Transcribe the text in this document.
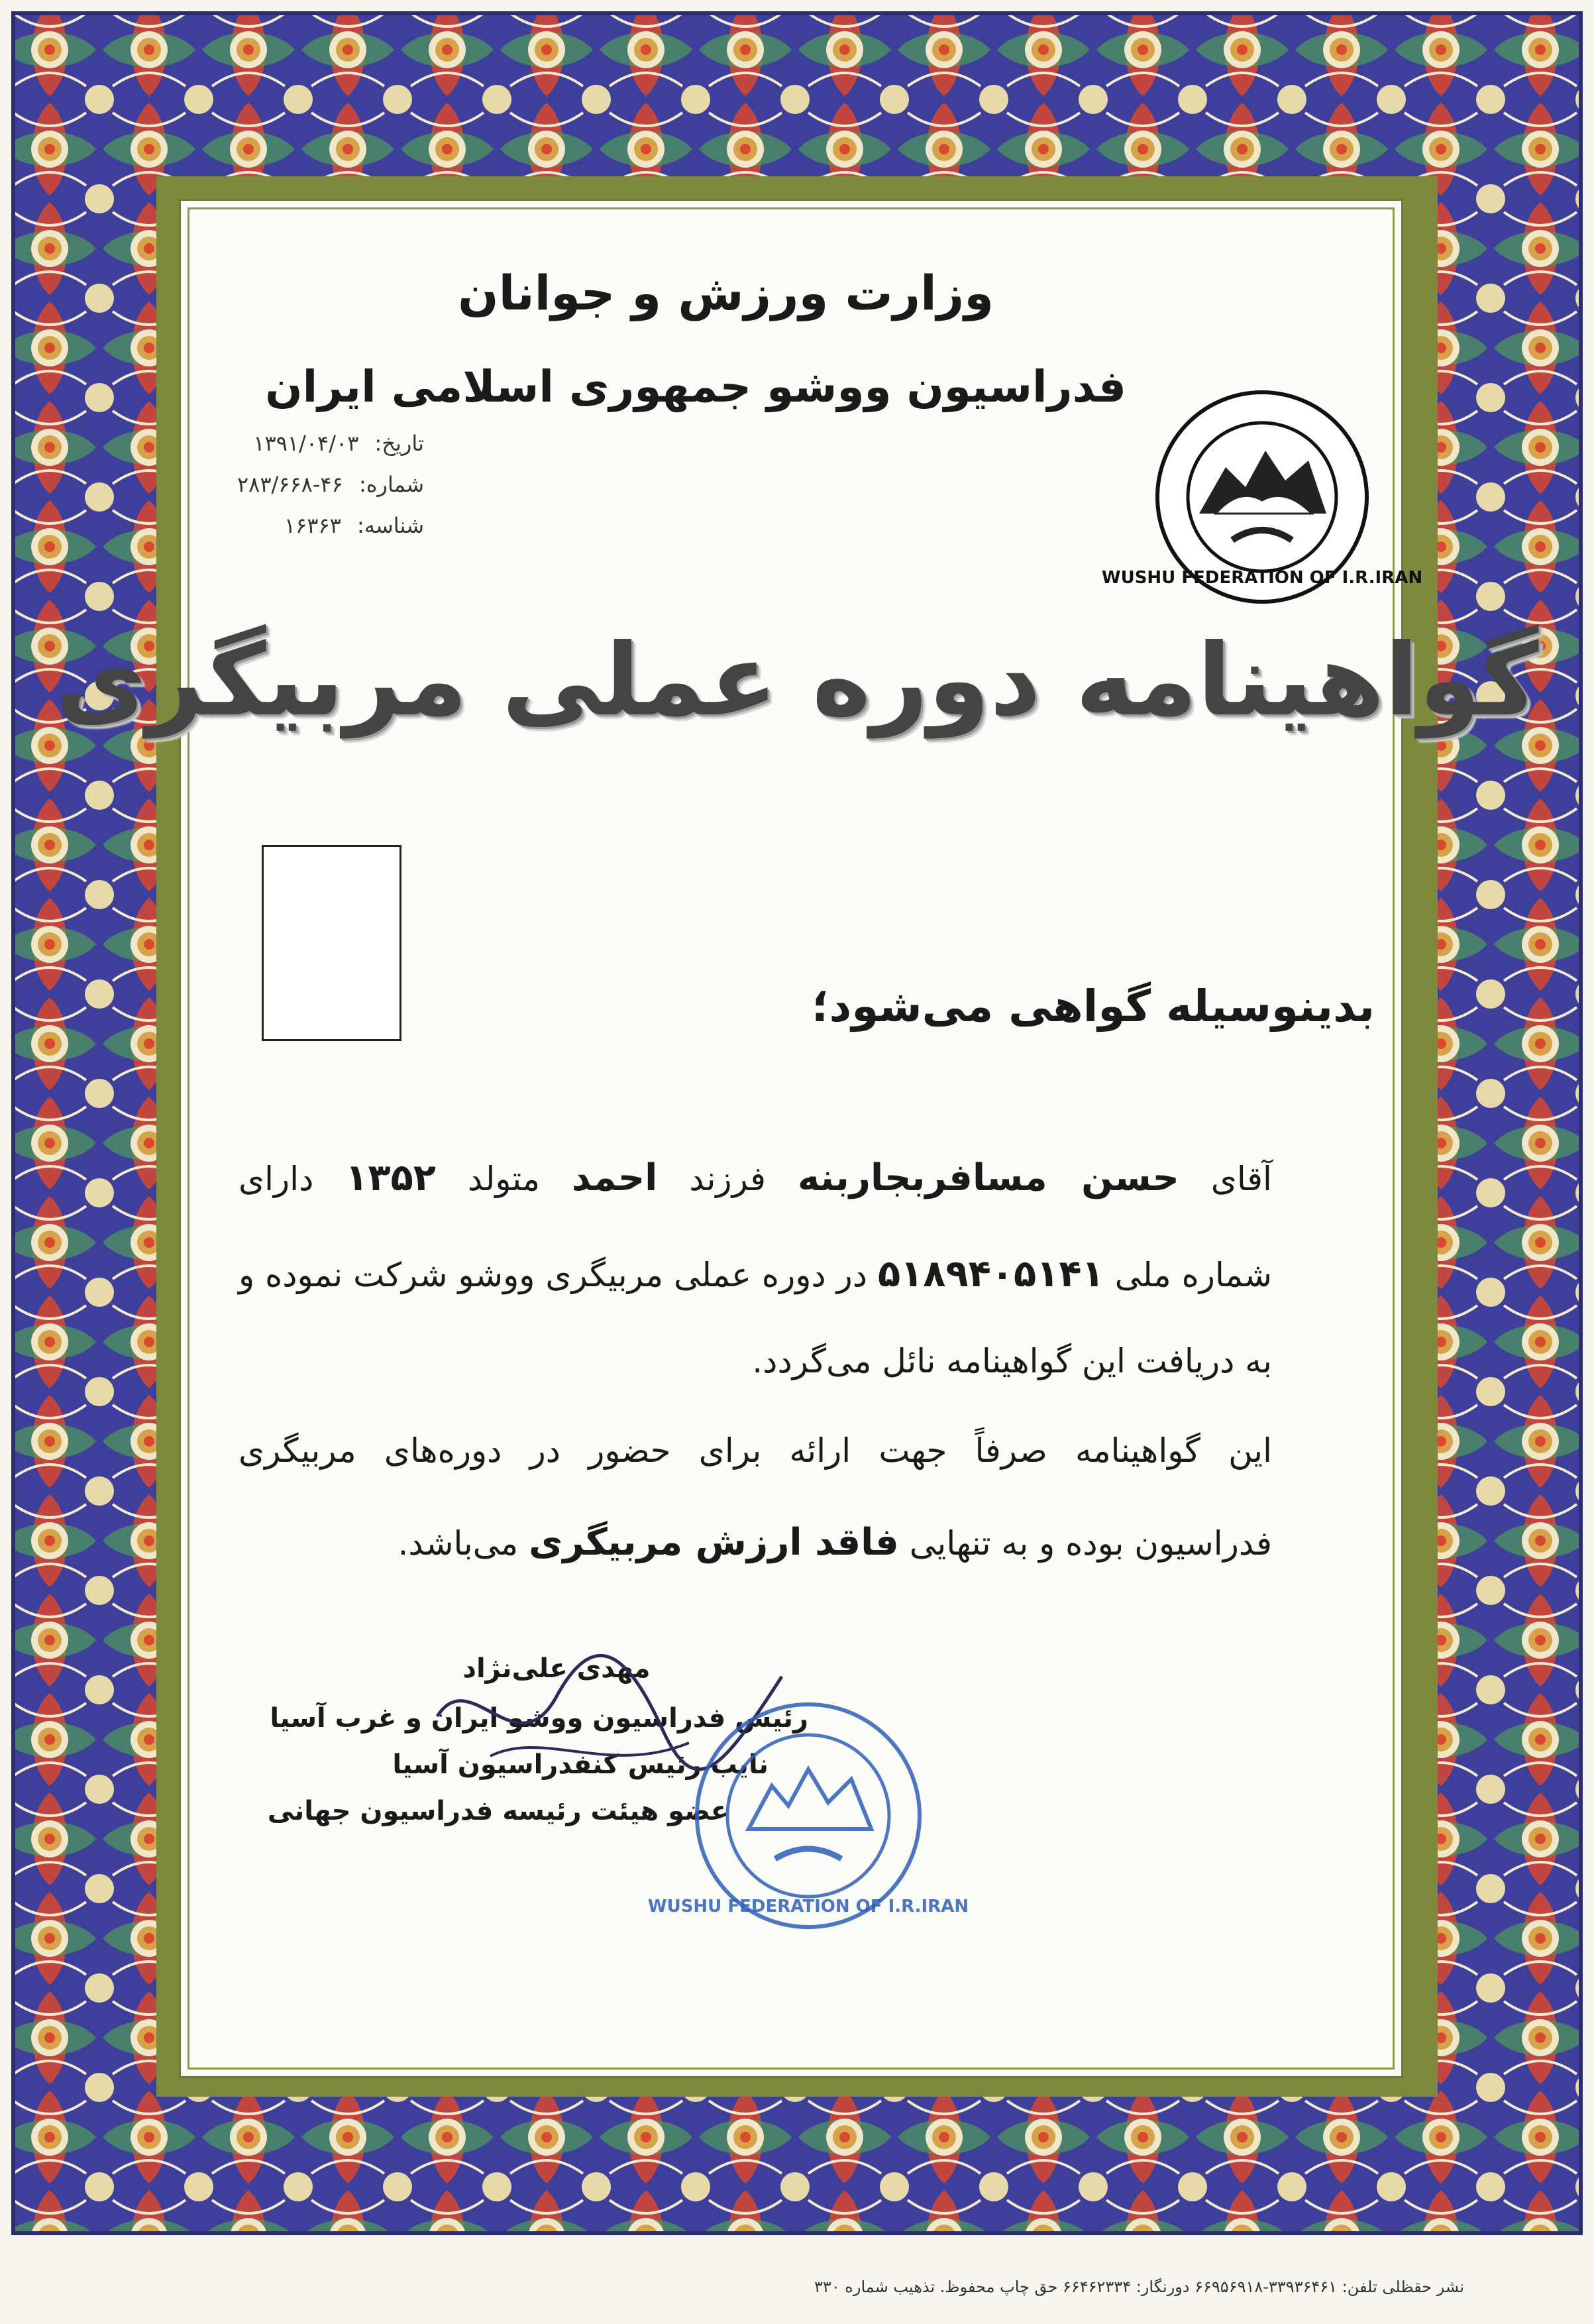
وزارت ورزش و جوانان
فدراسیون ووشو جمهوری اسلامی ایران
تاریخ: ۱۳۹۱/۰۴/۰۳
شماره: ۴۶-۲۸۳/۶۶۸
شناسه: ۱۶۳۶۳
WUSHU FEDERATION OF I.R.IRAN
گواهینامه دوره عملی مربیگری
بدینوسیله گواهی می‌شود؛
آقای حسن مسافربجاربنه فرزند احمد متولد ۱۳۵۲ دارای
شماره ملی ۵۱۸۹۴۰۵۱۴۱ در دوره عملی مربیگری ووشو شرکت نموده و
به دریافت این گواهینامه نائل می‌گردد.
این گواهینامه صرفاً جهت ارائه برای حضور در دوره‌های مربیگری
فدراسیون بوده و به تنهایی فاقد ارزش مربیگری می‌باشد.
مهدی علی‌نژاد
رئیس فدراسیون ووشو ایران و غرب آسیا
نایب رئیس کنفدراسیون آسیا
عضو هیئت رئیسه فدراسیون جهانی
WUSHU FEDERATION OF I.R.IRAN
نشر حقظلی تلفن: ۳۳۹۳۶۴۶۱-۶۶۹۵۶۹۱۸ دورنگار: ۶۶۴۶۲۳۳۴ حق چاپ محفوظ. تذهیب شماره ۳۳۰
